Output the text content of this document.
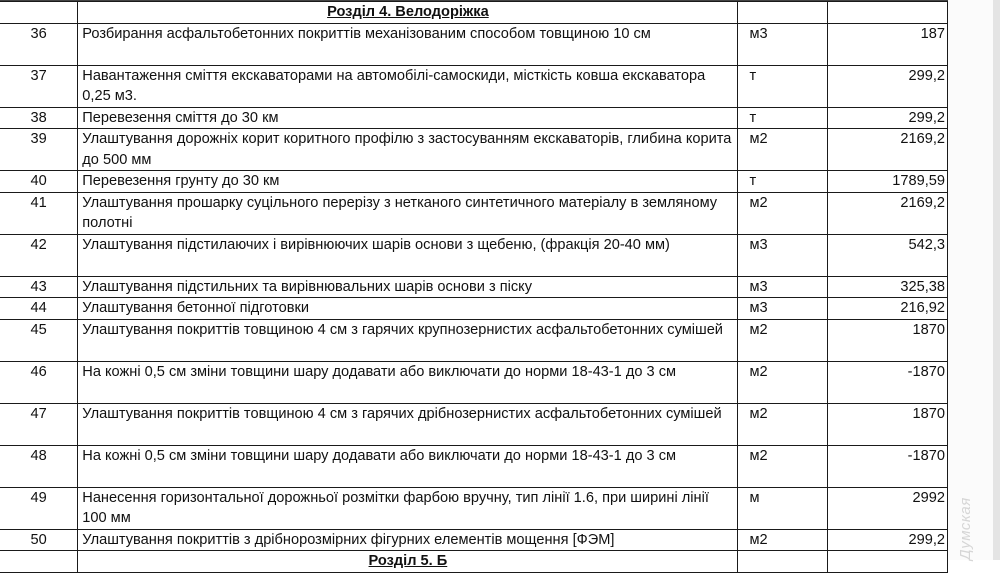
	Розділ 4. Велодоріжка		
36	Розбирання асфальтобетонних покриттів механізованим способом товщиною 10 см	м3	187
37	Навантаження сміття екскаваторами на автомобілі-самоскиди, місткість ковша екскаватора 0,25 м3.	т	299,2
38	Перевезення сміття до 30 км	т	299,2
39	Улаштування дорожніх корит коритного профілю з застосуванням екскаваторів, глибина корита до 500 мм	м2	2169,2
40	Перевезення грунту до 30 км	т	1789,59
41	Улаштування прошарку суцільного перерізу з нетканого синтетичного матеріалу в земляному полотні	м2	2169,2
42	Улаштування підстилаючих і вирівнюючих шарів основи з щебеню, (фракція 20-40 мм)	м3	542,3
43	Улаштування підстильних та вирівнювальних шарів основи з піску	м3	325,38
44	Улаштування бетонної підготовки	м3	216,92
45	Улаштування покриттів товщиною 4 см з гарячих крупнозернистих асфальтобетонних сумішей	м2	1870
46	На кожні 0,5 см зміни товщини шару додавати або виключати до норми 18-43-1 до 3 см	м2	-1870
47	Улаштування покриттів товщиною 4 см з гарячих дрібнозернистих асфальтобетонних сумішей	м2	1870
48	На кожні 0,5 см зміни товщини шару додавати або виключати до норми 18-43-1 до 3 см	м2	-1870
49	Нанесення горизонтальної дорожньої розмітки фарбою вручну, тип лінії 1.6, при ширині лінії 100 мм	м	2992
50	Улаштування покриттів з дрібнорозмірних фігурних елементів мощення [ФЭМ]	м2	299,2
	Розділ 5. Б		
Думская
